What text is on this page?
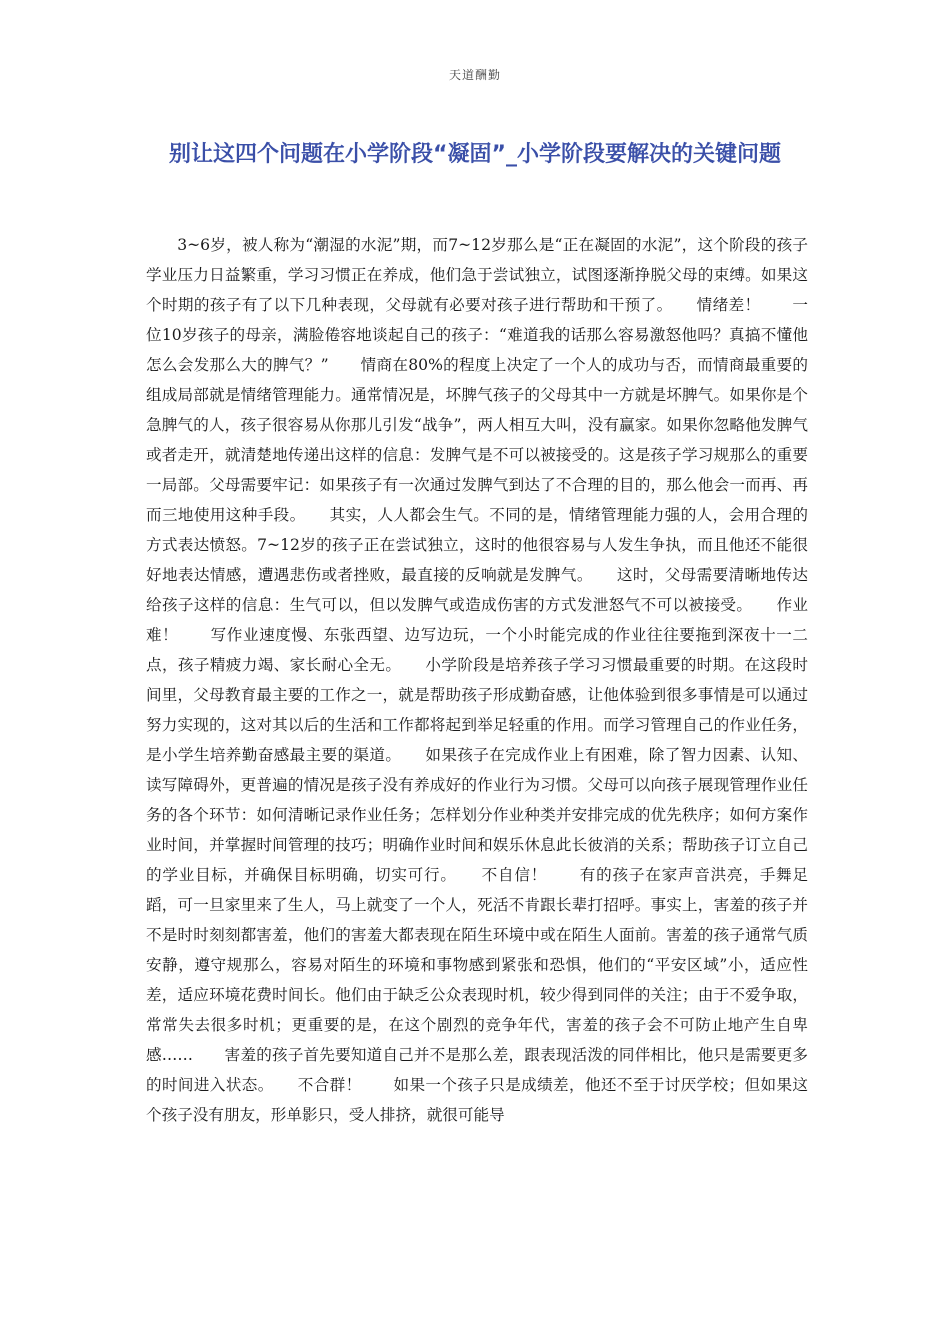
天道酬勤
别让这四个问题在小学阶段“凝固”_小学阶段要解决的关键问题

3~6岁，被人称为“潮湿的水泥”期，而7~12岁那么是“正在凝固的水泥”，这个阶段的孩子学业压力日益繁重，学习习惯正在养成，他们急于尝试独立，试图逐渐挣脱父母的束缚。如果这个时期的孩子有了以下几种表现，父母就有必要对孩子进行帮助和干预了。　　情绪差！　　一位10岁孩子的母亲，满脸倦容地谈起自己的孩子：“难道我的话那么容易激怒他吗？真搞不懂他怎么会发那么大的脾气？”　　情商在80%的程度上决定了一个人的成功与否，而情商最重要的组成局部就是情绪管理能力。通常情况是，坏脾气孩子的父母其中一方就是坏脾气。如果你是个急脾气的人，孩子很容易从你那儿引发“战争”，两人相互大叫，没有赢家。如果你忽略他发脾气或者走开，就清楚地传递出这样的信息：发脾气是不可以被接受的。这是孩子学习规那么的重要一局部。父母需要牢记：如果孩子有一次通过发脾气到达了不合理的目的，那么他会一而再、再而三地使用这种手段。　　其实，人人都会生气。不同的是，情绪管理能力强的人，会用合理的方式表达愤怒。7~12岁的孩子正在尝试独立，这时的他很容易与人发生争执，而且他还不能很好地表达情感，遭遇悲伤或者挫败，最直接的反响就是发脾气。　　这时，父母需要清晰地传达给孩子这样的信息：生气可以，但以发脾气或造成伤害的方式发泄怒气不可以被接受。　　作业难！　　写作业速度慢、东张西望、边写边玩，一个小时能完成的作业往往要拖到深夜十一二点，孩子精疲力竭、家长耐心全无。　　小学阶段是培养孩子学习习惯最重要的时期。在这段时间里，父母教育最主要的工作之一，就是帮助孩子形成勤奋感，让他体验到很多事情是可以通过努力实现的，这对其以后的生活和工作都将起到举足轻重的作用。而学习管理自己的作业任务，是小学生培养勤奋感最主要的渠道。　　如果孩子在完成作业上有困难，除了智力因素、认知、读写障碍外，更普遍的情况是孩子没有养成好的作业行为习惯。父母可以向孩子展现管理作业任务的各个环节：如何清晰记录作业任务；怎样划分作业种类并安排完成的优先秩序；如何方案作业时间，并掌握时间管理的技巧；明确作业时间和娱乐休息此长彼消的关系；帮助孩子订立自己的学业目标，并确保目标明确，切实可行。　　不自信！　　有的孩子在家声音洪亮，手舞足蹈，可一旦家里来了生人，马上就变了一个人，死活不肯跟长辈打招呼。事实上，害羞的孩子并不是时时刻刻都害羞，他们的害羞大都表现在陌生环境中或在陌生人面前。害羞的孩子通常气质安静，遵守规那么，容易对陌生的环境和事物感到紧张和恐惧，他们的“平安区域”小，适应性差，适应环境花费时间长。他们由于缺乏公众表现时机，较少得到同伴的关注；由于不爱争取，常常失去很多时机；更重要的是，在这个剧烈的竞争年代，害羞的孩子会不可防止地产生自卑感……　　害羞的孩子首先要知道自己并不是那么差，跟表现活泼的同伴相比，他只是需要更多的时间进入状态。　　不合群！　　如果一个孩子只是成绩差，他还不至于讨厌学校；但如果这个孩子没有朋友，形单影只，受人排挤，就很可能导
